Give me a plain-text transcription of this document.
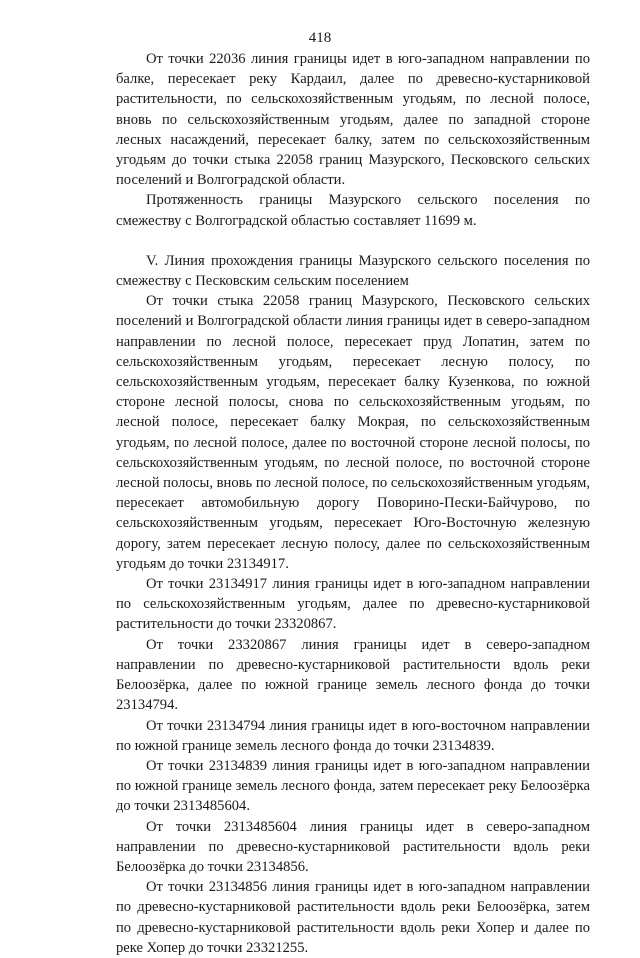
418

От точки 22036 линия границы идет в юго-западном направлении по балке, пересекает реку Кардаил, далее по древесно-кустарниковой растительности, по сельскохозяйственным угодьям, по лесной полосе, вновь по сельскохозяйственным угодьям, далее по западной стороне лесных насаждений, пересекает балку, затем по сельскохозяйственным угодьям до точки стыка 22058 границ Мазурского, Песковского сельских поселений и Волгоградской области.

Протяженность границы Мазурского сельского поселения по смежеству с Волгоградской областью составляет 11699 м.

V. Линия прохождения границы Мазурского сельского поселения по смежеству с Песковским сельским поселением

От точки стыка 22058 границ Мазурского, Песковского сельских поселений и Волгоградской области линия границы идет в северо-западном направлении по лесной полосе, пересекает пруд Лопатин, затем по сельскохозяйственным угодьям, пересекает лесную полосу, по сельскохозяйственным угодьям, пересекает балку Кузенкова, по южной стороне лесной полосы, снова по сельскохозяйственным угодьям, по лесной полосе, пересекает балку Мокрая, по сельскохозяйственным угодьям, по лесной полосе, далее по восточной стороне лесной полосы, по сельскохозяйственным угодьям, по лесной полосе, по восточной стороне лесной полосы, вновь по лесной полосе, по сельскохозяйственным угодьям, пересекает автомобильную дорогу Поворино-Пески-Байчурово, по сельскохозяйственным угодьям, пересекает Юго-Восточную железную дорогу, затем пересекает лесную полосу, далее по сельскохозяйственным угодьям до точки 23134917.

От точки 23134917 линия границы идет в юго-западном направлении по сельскохозяйственным угодьям, далее по древесно-кустарниковой растительности до точки 23320867.

От точки 23320867 линия границы идет в северо-западном направлении по древесно-кустарниковой растительности вдоль реки Белоозёрка, далее по южной границе земель лесного фонда до точки 23134794.

От точки 23134794 линия границы идет в юго-восточном направлении по южной границе земель лесного фонда до точки 23134839.

От точки 23134839 линия границы идет в юго-западном направлении по южной границе земель лесного фонда, затем пересекает реку Белоозёрка до точки 2313485604.

От точки 2313485604 линия границы идет в северо-западном направлении по древесно-кустарниковой растительности вдоль реки Белоозёрка до точки 23134856.

От точки 23134856 линия границы идет в юго-западном направлении по древесно-кустарниковой растительности вдоль реки Белоозёрка, затем по древесно-кустарниковой растительности вдоль реки Хопер и далее по реке Хопер до точки 23321255.
